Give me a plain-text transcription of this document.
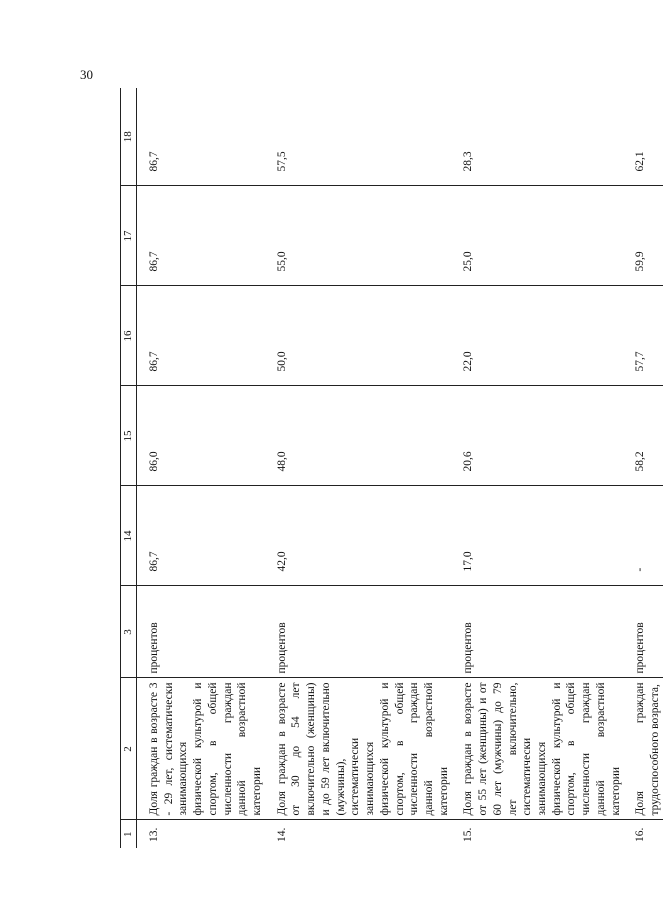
30
1	2	3	14	15	16	17	18
13.	Доля граждан в возрасте 3 - 29 лет, систематически занимающихся физической культурой и спортом, в общей численности граждан данной возрастной категории	процентов	86,7	86,0	86,7	86,7	86,7
14.	Доля граждан в возрасте от 30 до 54 лет включительно (женщины) и до 59 лет включительно (мужчины), систематически занимающихся физической культурой и спортом, в общей численности граждан данной возрастной категории	процентов	42,0	48,0	50,0	55,0	57,5
15.	Доля граждан в возрасте от 55 лет (женщины) и от 60 лет (мужчины) до 79 лет включительно, систематически занимающихся физической культурой и спортом, в общей численности граждан данной возрастной категории	процентов	17,0	20,6	22,0	25,0	28,3
16.	Доля граждан трудоспособного возраста,	процентов	-	58,2	57,7	59,9	62,1
